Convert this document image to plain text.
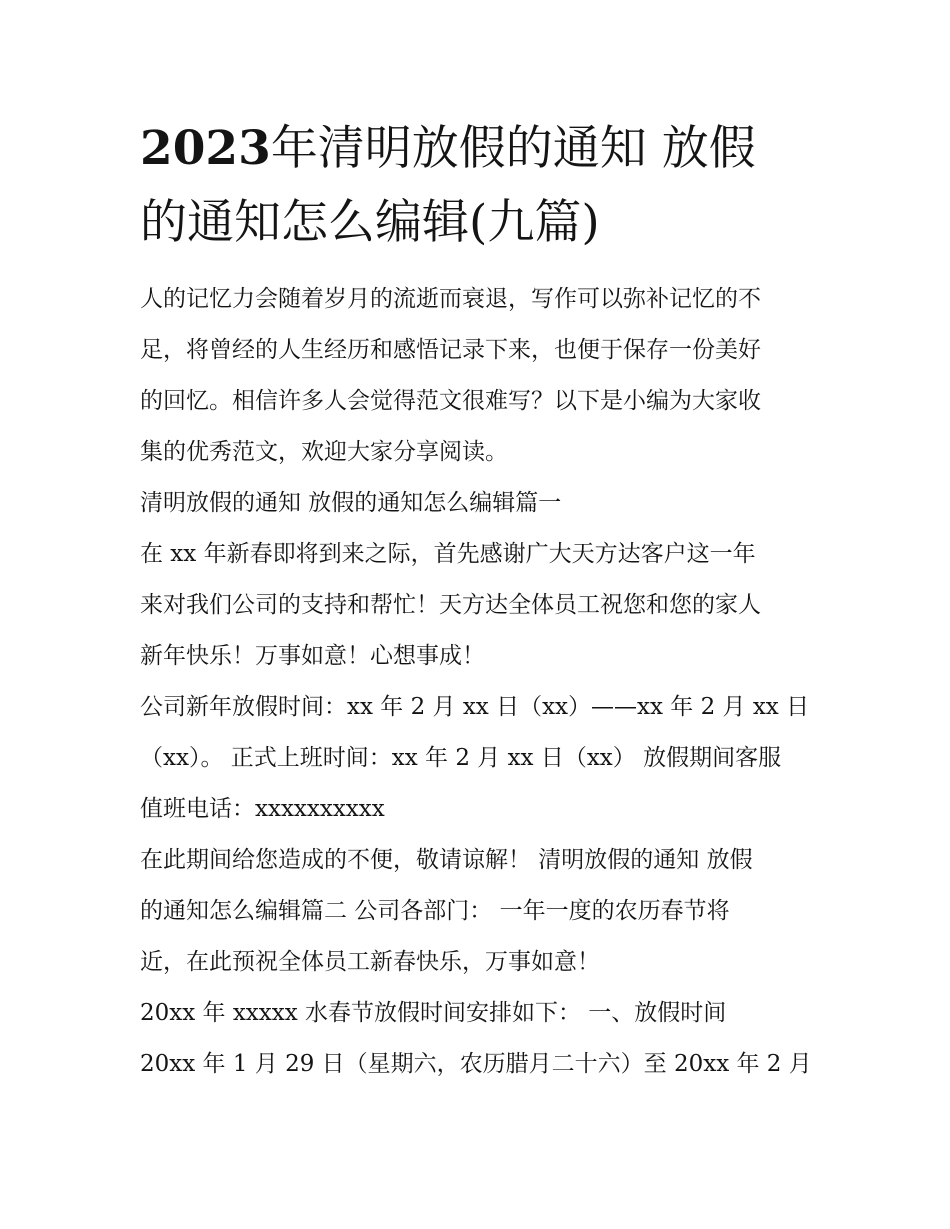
2023年清明放假的通知 放假
的通知怎么编辑(九篇)
人的记忆力会随着岁月的流逝而衰退，写作可以弥补记忆的不
足，将曾经的人生经历和感悟记录下来，也便于保存一份美好
的回忆。相信许多人会觉得范文很难写？以下是小编为大家收
集的优秀范文，欢迎大家分享阅读。
清明放假的通知 放假的通知怎么编辑篇一
在 xx 年新春即将到来之际，首先感谢广大天方达客户这一年
来对我们公司的支持和帮忙！天方达全体员工祝您和您的家人
新年快乐！万事如意！心想事成！
公司新年放假时间：xx 年 2 月 xx 日（xx）——xx 年 2 月 xx 日
（xx）。 正式上班时间：xx 年 2 月 xx 日（xx） 放假期间客服
值班电话：xxxxxxxxxx
在此期间给您造成的不便，敬请谅解！ 清明放假的通知 放假
的通知怎么编辑篇二 公司各部门： 一年一度的农历春节将
近，在此预祝全体员工新春快乐，万事如意！
20xx 年 xxxxx 水春节放假时间安排如下： 一、放假时间
20xx 年 1 月 29 日（星期六，农历腊月二十六）至 20xx 年 2 月
